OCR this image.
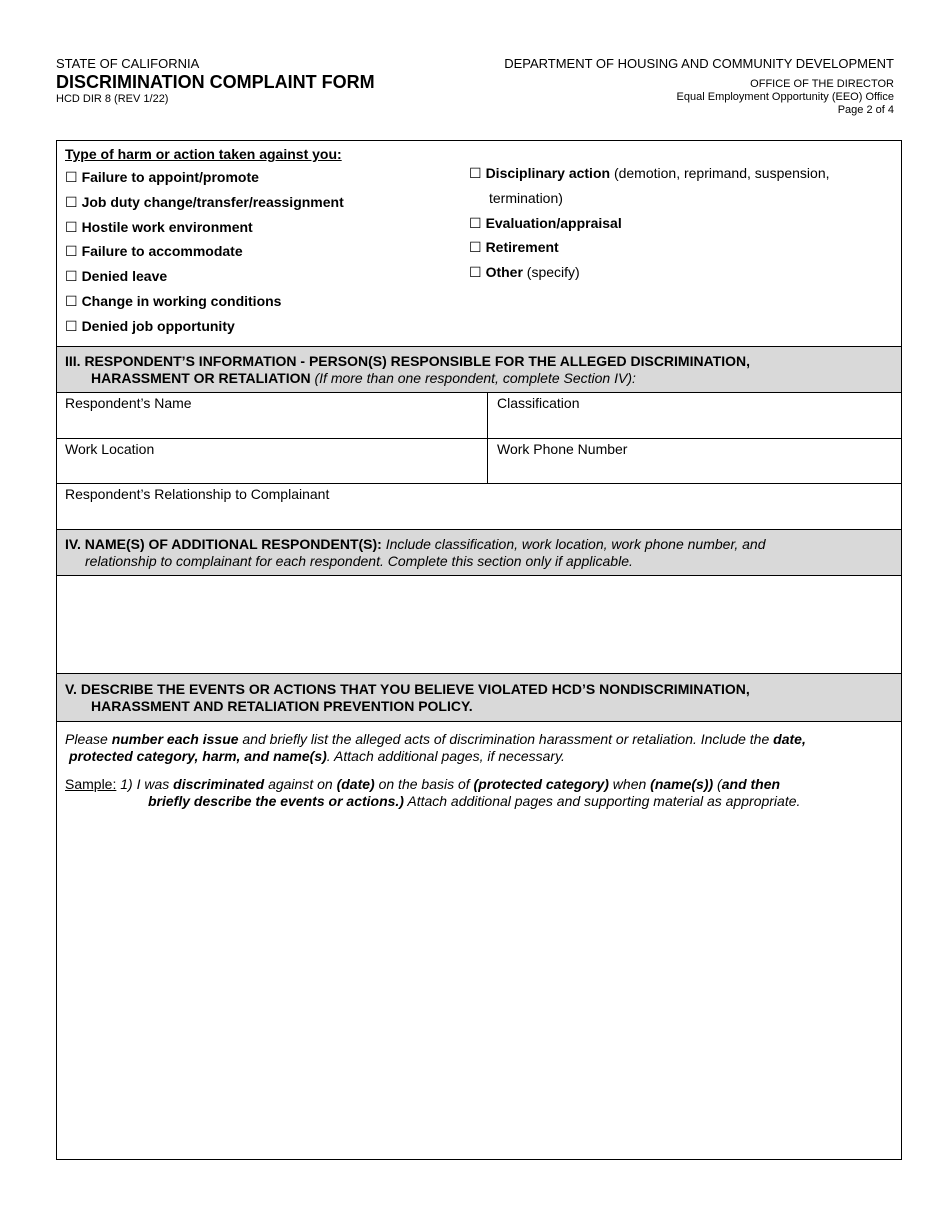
STATE OF CALIFORNIA
DISCRIMINATION COMPLAINT FORM
HCD DIR 8 (REV 1/22)
DEPARTMENT OF HOUSING AND COMMUNITY DEVELOPMENT
OFFICE OF THE DIRECTOR
Equal Employment Opportunity (EEO) Office
Page 2 of 4
Type of harm or action taken against you:
☐ Failure to appoint/promote
☐ Job duty change/transfer/reassignment
☐ Hostile work environment
☐ Failure to accommodate
☐ Denied leave
☐ Change in working conditions
☐ Denied job opportunity
☐ Disciplinary action (demotion, reprimand, suspension,
termination)
☐ Evaluation/appraisal
☐ Retirement
☐ Other (specify)
III. RESPONDENT’S INFORMATION - PERSON(S) RESPONSIBLE FOR THE ALLEGED DISCRIMINATION,
HARASSMENT OR RETALIATION (If more than one respondent, complete Section IV):
Respondent’s Name	Classification
Work Location	Work Phone Number
Respondent’s Relationship to Complainant
IV. NAME(S) OF ADDITIONAL RESPONDENT(S): Include classification, work location, work phone number, and
relationship to complainant for each respondent. Complete this section only if applicable.
V. DESCRIBE THE EVENTS OR ACTIONS THAT YOU BELIEVE VIOLATED HCD’S NONDISCRIMINATION,
HARASSMENT AND RETALIATION PREVENTION POLICY.
Please number each issue and briefly list the alleged acts of discrimination harassment or retaliation. Include the date,
protected category, harm, and name(s). Attach additional pages, if necessary.
Sample: 1) I was discriminated against on (date) on the basis of (protected category) when (name(s)) (and then
briefly describe the events or actions.) Attach additional pages and supporting material as appropriate.
